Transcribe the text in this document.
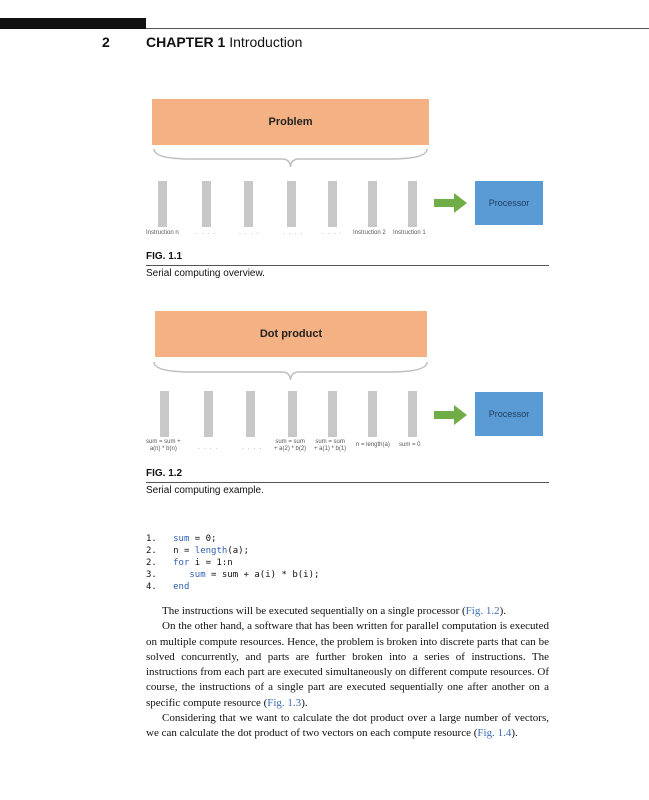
2	CHAPTER 1 Introduction
Problem
Processor
Instruction n . . . .	. . . .	. . . .	. . . . Instruction 2 Instruction 1
FIG. 1.1
Serial computing overview.
Dot product
Processor
sum = sum +
a(n) * b(n)	. . . .	. . . .
sum = sum
+ a(2) * b(2)
sum = sum
+ a(1) * b(1)
n = length(a) sum = 0
FIG. 1.2
Serial computing example.
1. sum = 0;
2. n = length(a);
2. for i = 1:n
3.	sum = sum + a(i) * b(i);
4. end

The instructions will be executed sequentially on a single processor (Fig. 1.2).

On the other hand, a software that has been written for parallel computation is executed on multiple compute resources. Hence, the problem is broken into discrete parts that can be solved concurrently, and parts are further broken into a series of instructions. The instructions from each part are executed simultaneously on different compute resources. Of course, the instructions of a single part are executed sequentially one after another on a specific compute resource (Fig. 1.3).

Considering that we want to calculate the dot product over a large number of vectors, we can calculate the dot product of two vectors on each compute resource (Fig. 1.4).
